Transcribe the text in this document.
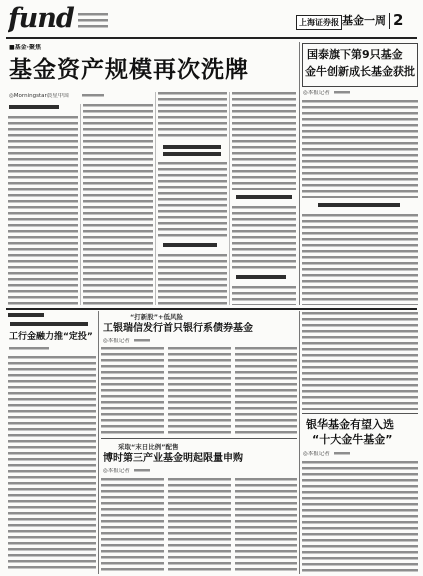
fund	上海证券报 基金一周 2
■基金·聚焦
基金资产规模再次洗牌
◎Morningstar晨星中国
国泰旗下第9只基金
金牛创新成长基金获批
◎本报记者
工行金融力推“定投”
“打新股”+低风险
工银瑞信发行首只银行系债券基金
◎本报记者
采取“末日比例”配售
博时第三产业基金明起限量申购
◎本报记者
银华基金有望入选
“十大金牛基金”
◎本报记者
